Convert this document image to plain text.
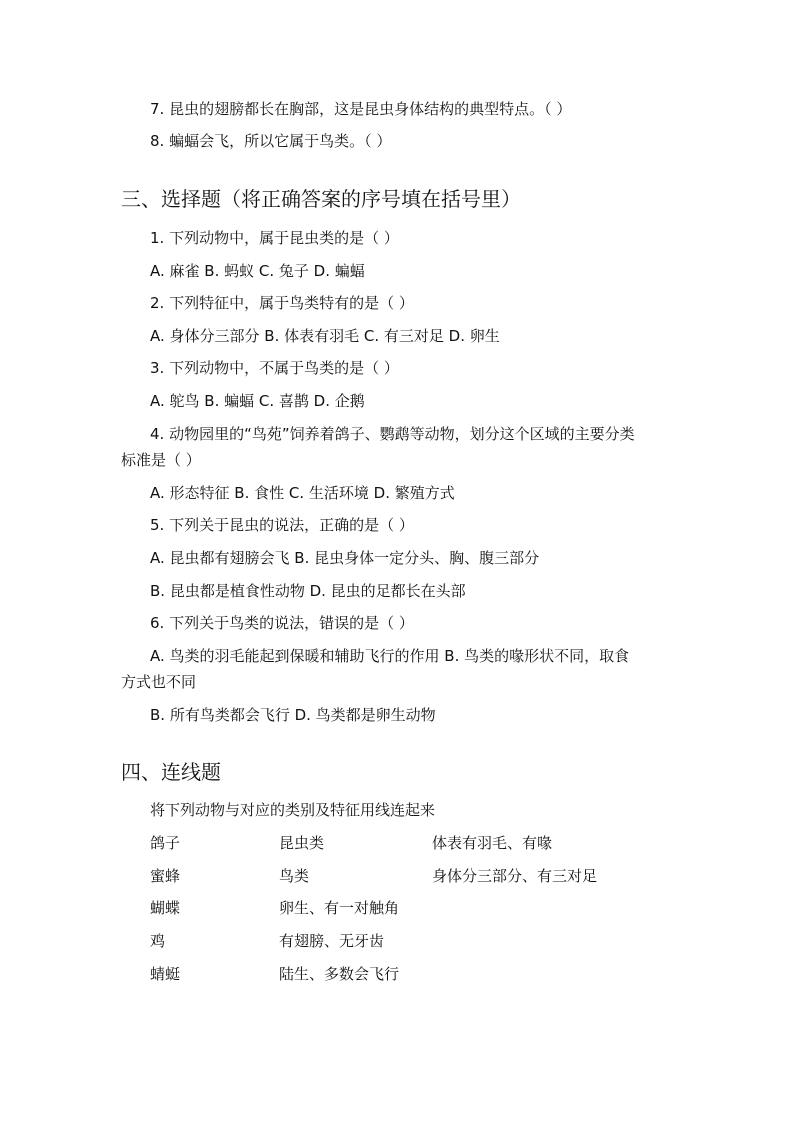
7. 昆虫的翅膀都长在胸部，这是昆虫身体结构的典型特点。（ ）
8. 蝙蝠会飞，所以它属于鸟类。（ ）
三、选择题（将正确答案的序号填在括号里）
1. 下列动物中，属于昆虫类的是（ ）
A. 麻雀 B. 蚂蚁 C. 兔子 D. 蝙蝠
2. 下列特征中，属于鸟类特有的是（ ）
A. 身体分三部分 B. 体表有羽毛 C. 有三对足 D. 卵生
3. 下列动物中，不属于鸟类的是（ ）
A. 鸵鸟 B. 蝙蝠 C. 喜鹊 D. 企鹅
4. 动物园里的“鸟苑”饲养着鸽子、鹦鹉等动物，划分这个区域的主要分类
标准是（ ）
A. 形态特征 B. 食性 C. 生活环境 D. 繁殖方式
5. 下列关于昆虫的说法，正确的是（ ）
A. 昆虫都有翅膀会飞 B. 昆虫身体一定分头、胸、腹三部分
B. 昆虫都是植食性动物 D. 昆虫的足都长在头部
6. 下列关于鸟类的说法，错误的是（ ）
A. 鸟类的羽毛能起到保暖和辅助飞行的作用 B. 鸟类的喙形状不同，取食
方式也不同
B. 所有鸟类都会飞行 D. 鸟类都是卵生动物
四、连线题
将下列动物与对应的类别及特征用线连起来
鸽子	昆虫类	体表有羽毛、有喙
蜜蜂	鸟类	身体分三部分、有三对足
蝴蝶	卵生、有一对触角
鸡	有翅膀、无牙齿
蜻蜓	陆生、多数会飞行
